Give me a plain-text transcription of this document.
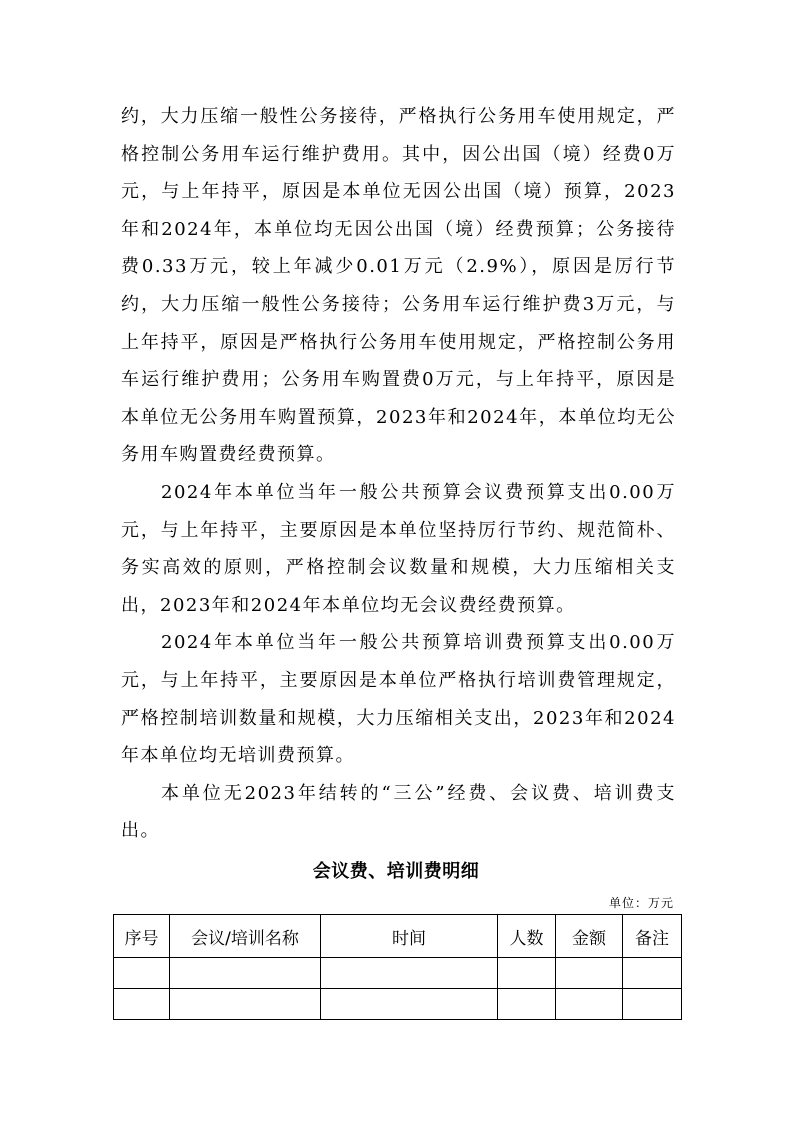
约，大力压缩一般性公务接待，严格执行公务用车使用规定，严格控制公务用车运行维护费用。其中，因公出国（境）经费0万元，与上年持平，原因是本单位无因公出国（境）预算，2023年和2024年，本单位均无因公出国（境）经费预算；公务接待费0.33万元，较上年减少0.01万元（2.9%），原因是厉行节约，大力压缩一般性公务接待；公务用车运行维护费3万元，与上年持平，原因是严格执行公务用车使用规定，严格控制公务用车运行维护费用；公务用车购置费0万元，与上年持平，原因是本单位无公务用车购置预算，2023年和2024年，本单位均无公务用车购置费经费预算。

2024年本单位当年一般公共预算会议费预算支出0.00万元，与上年持平，主要原因是本单位坚持厉行节约、规范简朴、务实高效的原则，严格控制会议数量和规模，大力压缩相关支出，2023年和2024年本单位均无会议费经费预算。

2024年本单位当年一般公共预算培训费预算支出0.00万元，与上年持平，主要原因是本单位严格执行培训费管理规定，严格控制培训数量和规模，大力压缩相关支出，2023年和2024年本单位均无培训费预算。

本单位无2023年结转的“三公”经费、会议费、培训费支出。

会议费、培训费明细
单位：万元
序号	会议/培训名称	时间	人数	金额	备注
